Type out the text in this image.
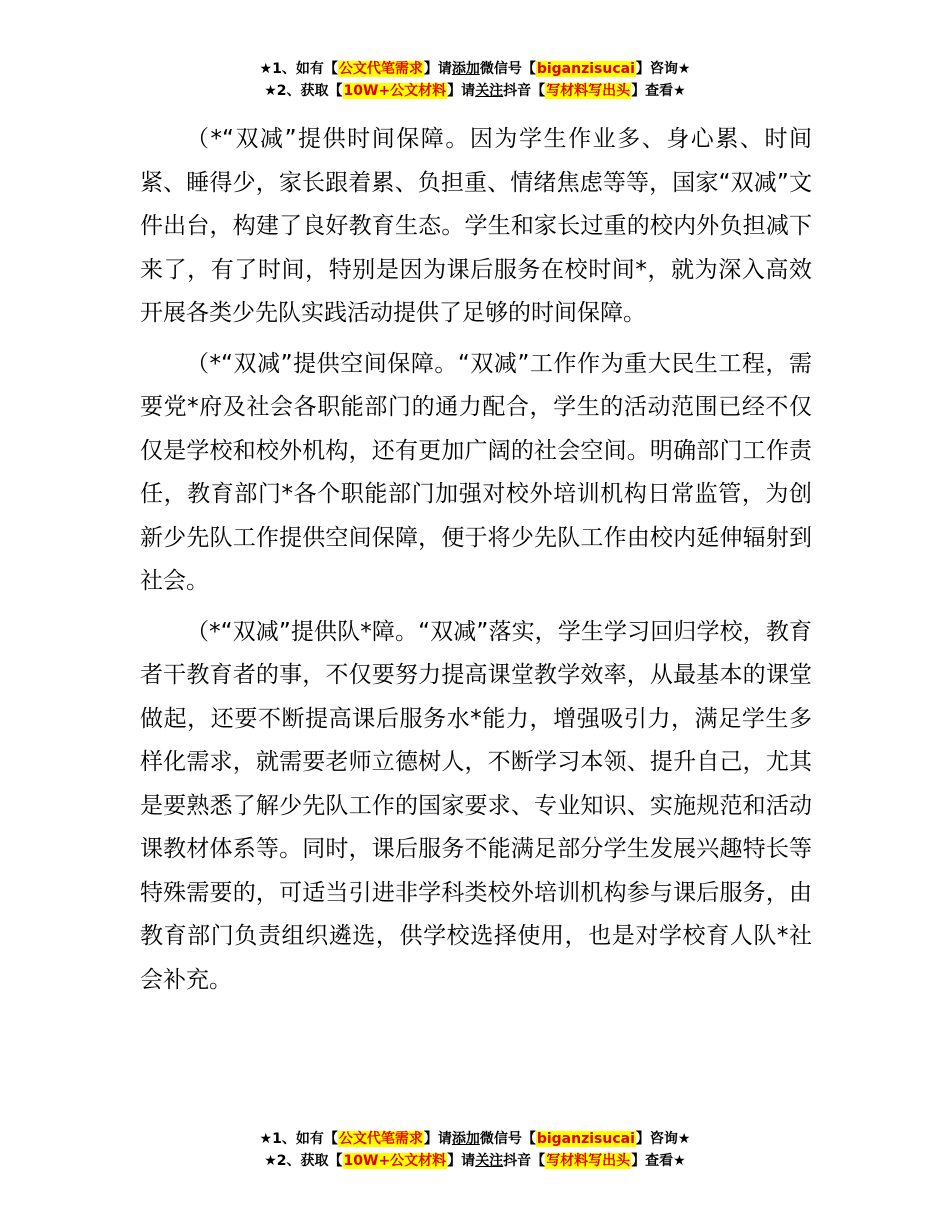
★1、如有【公文代笔需求】请添加微信号【biganzisucai】咨询★
★2、获取【10W+公文材料】请关注抖音【写材料写出头】查看★

（*“双减”提供时间保障。因为学生作业多、身心累、时间紧、睡得少，家长跟着累、负担重、情绪焦虑等等，国家“双减”文件出台，构建了良好教育生态。学生和家长过重的校内外负担减下来了，有了时间，特别是因为课后服务在校时间*，就为深入高效开展各类少先队实践活动提供了足够的时间保障。

（*“双减”提供空间保障。“双减”工作作为重大民生工程，需要党*府及社会各职能部门的通力配合，学生的活动范围已经不仅仅是学校和校外机构，还有更加广阔的社会空间。明确部门工作责任，教育部门*各个职能部门加强对校外培训机构日常监管，为创新少先队工作提供空间保障，便于将少先队工作由校内延伸辐射到社会。

（*“双减”提供队*障。“双减”落实，学生学习回归学校，教育者干教育者的事，不仅要努力提高课堂教学效率，从最基本的课堂做起，还要不断提高课后服务水*能力，增强吸引力，满足学生多样化需求，就需要老师立德树人，不断学习本领、提升自己，尤其是要熟悉了解少先队工作的国家要求、专业知识、实施规范和活动课教材体系等。同时，课后服务不能满足部分学生发展兴趣特长等特殊需要的，可适当引进非学科类校外培训机构参与课后服务，由教育部门负责组织遴选，供学校选择使用，也是对学校育人队*社会补充。

★1、如有【公文代笔需求】请添加微信号【biganzisucai】咨询★
★2、获取【10W+公文材料】请关注抖音【写材料写出头】查看★
